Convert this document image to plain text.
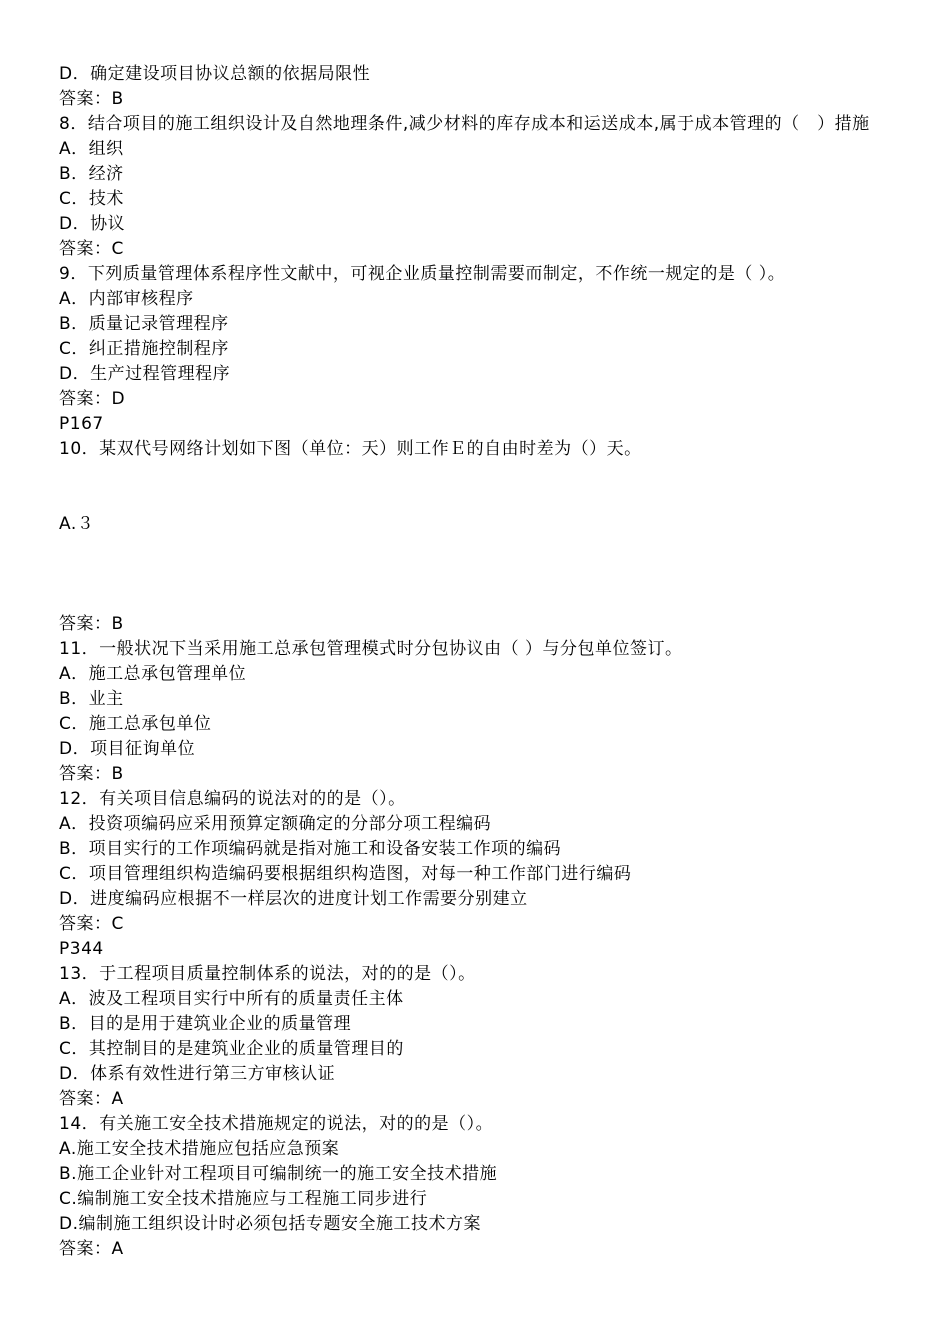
D．确定建设项目协议总额的依据局限性
答案：B
8．结合项目的施工组织设计及自然地理条件,减少材料的库存成本和运送成本,属于成本管理的（　）措施
A．组织
B．经济
C．技术
D．协议
答案：C
9．下列质量管理体系程序性文献中，可视企业质量控制需要而制定，不作统一规定的是（ ）。
A．内部审核程序
B．质量记录管理程序
C．纠正措施控制程序
D．生产过程管理程序
答案：D
P167
10．某双代号网络计划如下图（单位：天）则工作Ｅ的自由时差为（）天。
A.３
答案：B
11．一般状况下当采用施工总承包管理模式时分包协议由（ ）与分包单位签订。
A．施工总承包管理单位
B．业主
C．施工总承包单位
D．项目征询单位
答案：B
12．有关项目信息编码的说法对的的是（）。
A．投资项编码应采用预算定额确定的分部分项工程编码
B．项目实行的工作项编码就是指对施工和设备安装工作项的编码
C．项目管理组织构造编码要根据组织构造图，对每一种工作部门进行编码
D．进度编码应根据不一样层次的进度计划工作需要分别建立
答案：C
P344
13．于工程项目质量控制体系的说法，对的的是（）。
A．波及工程项目实行中所有的质量责任主体
B．目的是用于建筑业企业的质量管理
C．其控制目的是建筑业企业的质量管理目的
D．体系有效性进行第三方审核认证
答案：A
14．有关施工安全技术措施规定的说法，对的的是（）。
A.施工安全技术措施应包括应急预案
B.施工企业针对工程项目可编制统一的施工安全技术措施
C.编制施工安全技术措施应与工程施工同步进行
D.编制施工组织设计时必须包括专题安全施工技术方案
答案：A
